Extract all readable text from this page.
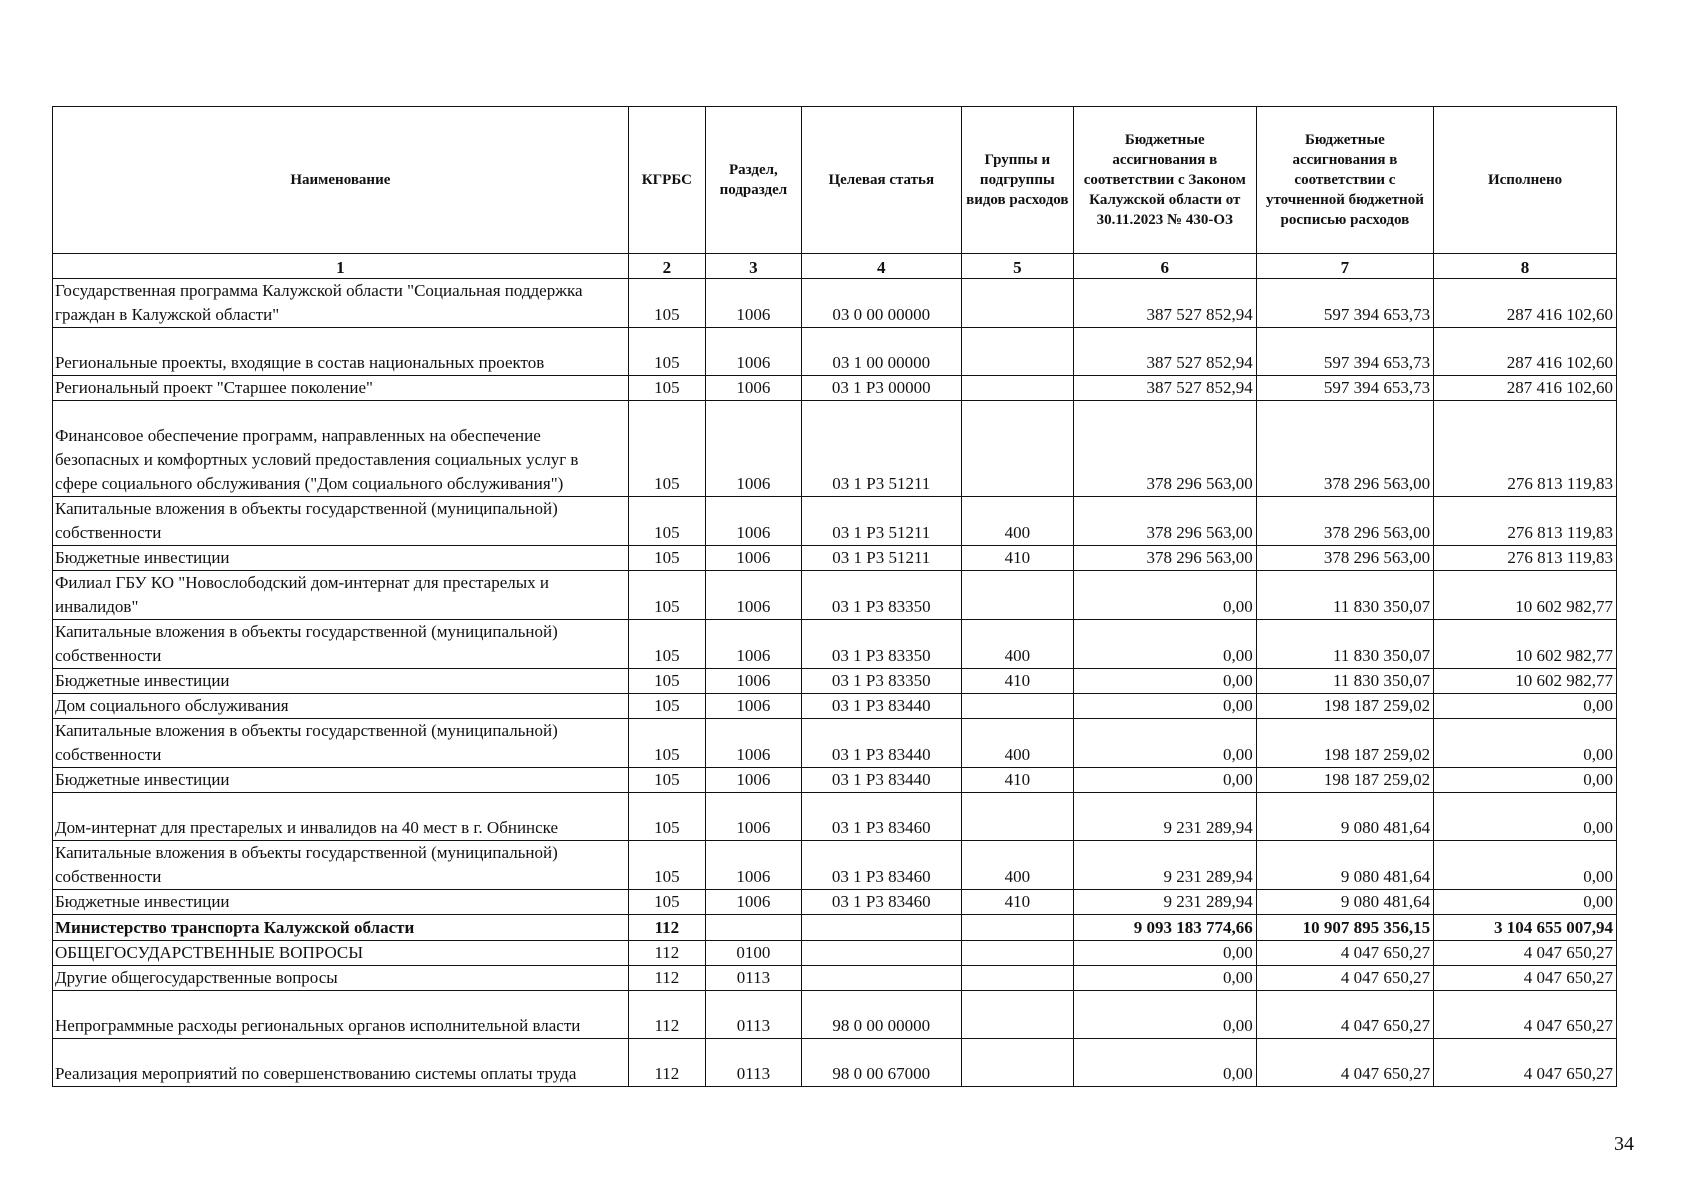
Наименование	КГРБС	Раздел, подраздел	Целевая статья	Группы и подгруппы видов расходов	Бюджетные ассигнования в соответствии с Законом Калужской области от 30.11.2023 № 430-ОЗ	Бюджетные ассигнования в соответствии с уточненной бюджетной росписью расходов	Исполнено
1	2	3	4	5	6	7	8
Государственная программа Калужской области "Социальная поддержка граждан в Калужской области"	105	1006	03 0 00 00000		387 527 852,94	597 394 653,73	287 416 102,60
Региональные проекты, входящие в состав национальных проектов	105	1006	03 1 00 00000		387 527 852,94	597 394 653,73	287 416 102,60
Региональный проект "Старшее поколение"	105	1006	03 1 Р3 00000		387 527 852,94	597 394 653,73	287 416 102,60
Финансовое обеспечение программ, направленных на обеспечение безопасных и комфортных условий предоставления социальных услуг в сфере социального обслуживания ("Дом социального обслуживания")	105	1006	03 1 Р3 51211		378 296 563,00	378 296 563,00	276 813 119,83
Капитальные вложения в объекты государственной (муниципальной) собственности	105	1006	03 1 Р3 51211	400	378 296 563,00	378 296 563,00	276 813 119,83
Бюджетные инвестиции	105	1006	03 1 Р3 51211	410	378 296 563,00	378 296 563,00	276 813 119,83
Филиал ГБУ КО "Новослободский дом-интернат для престарелых и инвалидов"	105	1006	03 1 Р3 83350		0,00	11 830 350,07	10 602 982,77
Капитальные вложения в объекты государственной (муниципальной) собственности	105	1006	03 1 Р3 83350	400	0,00	11 830 350,07	10 602 982,77
Бюджетные инвестиции	105	1006	03 1 Р3 83350	410	0,00	11 830 350,07	10 602 982,77
Дом социального обслуживания	105	1006	03 1 Р3 83440		0,00	198 187 259,02	0,00
Капитальные вложения в объекты государственной (муниципальной) собственности	105	1006	03 1 Р3 83440	400	0,00	198 187 259,02	0,00
Бюджетные инвестиции	105	1006	03 1 Р3 83440	410	0,00	198 187 259,02	0,00
Дом-интернат для престарелых и инвалидов на 40 мест в г. Обнинске	105	1006	03 1 Р3 83460		9 231 289,94	9 080 481,64	0,00
Капитальные вложения в объекты государственной (муниципальной) собственности	105	1006	03 1 Р3 83460	400	9 231 289,94	9 080 481,64	0,00
Бюджетные инвестиции	105	1006	03 1 Р3 83460	410	9 231 289,94	9 080 481,64	0,00
Министерство транспорта Калужской области	112				9 093 183 774,66	10 907 895 356,15	3 104 655 007,94
ОБЩЕГОСУДАРСТВЕННЫЕ ВОПРОСЫ	112	0100			0,00	4 047 650,27	4 047 650,27
Другие общегосударственные вопросы	112	0113			0,00	4 047 650,27	4 047 650,27
Непрограммные расходы региональных органов исполнительной власти	112	0113	98 0 00 00000		0,00	4 047 650,27	4 047 650,27
Реализация мероприятий по совершенствованию системы оплаты труда	112	0113	98 0 00 67000		0,00	4 047 650,27	4 047 650,27
34
